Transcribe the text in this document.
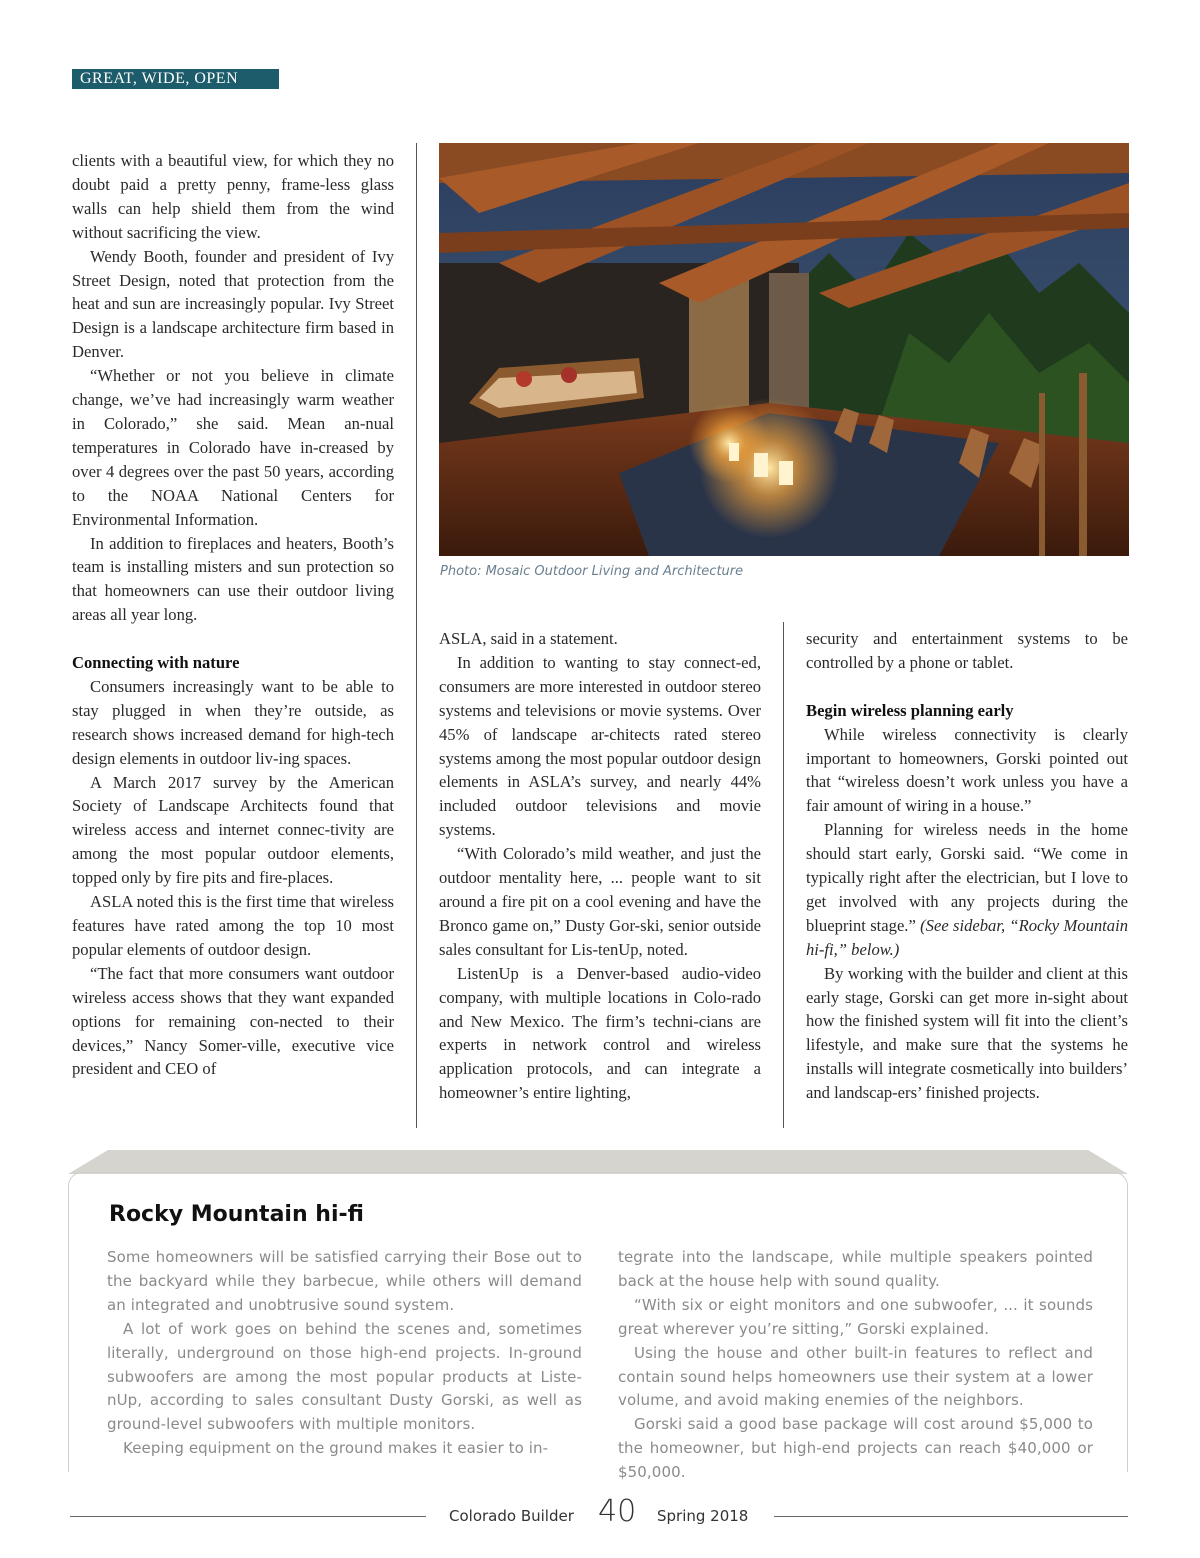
GREAT, WIDE, OPEN

clients with a beautiful view, for which they no doubt paid a pretty penny, frame-less glass walls can help shield them from the wind without sacrificing the view.

Wendy Booth, founder and president of Ivy Street Design, noted that protection from the heat and sun are increasingly popular. Ivy Street Design is a landscape architecture firm based in Denver.

“Whether or not you believe in climate change, we’ve had increasingly warm weather in Colorado,” she said. Mean an-nual temperatures in Colorado have in-creased by over 4 degrees over the past 50 years, according to the NOAA National Centers for Environmental Information.

In addition to fireplaces and heaters, Booth’s team is installing misters and sun protection so that homeowners can use their outdoor living areas all year long.

Connecting with nature

Consumers increasingly want to be able to stay plugged in when they’re outside, as research shows increased demand for high-tech design elements in outdoor liv-ing spaces.

A March 2017 survey by the American Society of Landscape Architects found that wireless access and internet connec-tivity are among the most popular outdoor elements, topped only by fire pits and fire-places.

ASLA noted this is the first time that wireless features have rated among the top 10 most popular elements of outdoor design.

“The fact that more consumers want outdoor wireless access shows that they want expanded options for remaining con-nected to their devices,” Nancy Somer-ville, executive vice president and CEO of

Photo: Mosaic Outdoor Living and Architecture

ASLA, said in a statement.

In addition to wanting to stay connect-ed, consumers are more interested in outdoor stereo systems and televisions or movie systems. Over 45% of landscape ar-chitects rated stereo systems among the most popular outdoor design elements in ASLA’s survey, and nearly 44% included outdoor televisions and movie systems.

“With Colorado’s mild weather, and just the outdoor mentality here, ... people want to sit around a fire pit on a cool evening and have the Bronco game on,” Dusty Gor-ski, senior outside sales consultant for Lis-tenUp, noted.

ListenUp is a Denver-based audio-video company, with multiple locations in Colo-rado and New Mexico. The firm’s techni-cians are experts in network control and wireless application protocols, and can integrate a homeowner’s entire lighting,

security and entertainment systems to be controlled by a phone or tablet.

Begin wireless planning early

While wireless connectivity is clearly important to homeowners, Gorski pointed out that “wireless doesn’t work unless you have a fair amount of wiring in a house.”

Planning for wireless needs in the home should start early, Gorski said. “We come in typically right after the electrician, but I love to get involved with any projects during the blueprint stage.” (See sidebar, “Rocky Mountain hi-fi,” below.)

By working with the builder and client at this early stage, Gorski can get more in-sight about how the finished system will fit into the client’s lifestyle, and make sure that the systems he installs will integrate cosmetically into builders’ and landscap-ers’ finished projects.

Rocky Mountain hi-fi

Some homeowners will be satisfied carrying their Bose out to the backyard while they barbecue, while others will demand an integrated and unobtrusive sound system.

A lot of work goes on behind the scenes and, sometimes literally, underground on those high-end projects. In-ground subwoofers are among the most popular products at Liste-nUp, according to sales consultant Dusty Gorski, as well as ground-level subwoofers with multiple monitors.

Keeping equipment on the ground makes it easier to in-

tegrate into the landscape, while multiple speakers pointed back at the house help with sound quality.

“With six or eight monitors and one subwoofer, ... it sounds great wherever you’re sitting,” Gorski explained.

Using the house and other built-in features to reflect and contain sound helps homeowners use their system at a lower volume, and avoid making enemies of the neighbors.

Gorski said a good base package will cost around $5,000 to the homeowner, but high-end projects can reach $40,000 or $50,000.

Colorado Builder 40 Spring 2018
